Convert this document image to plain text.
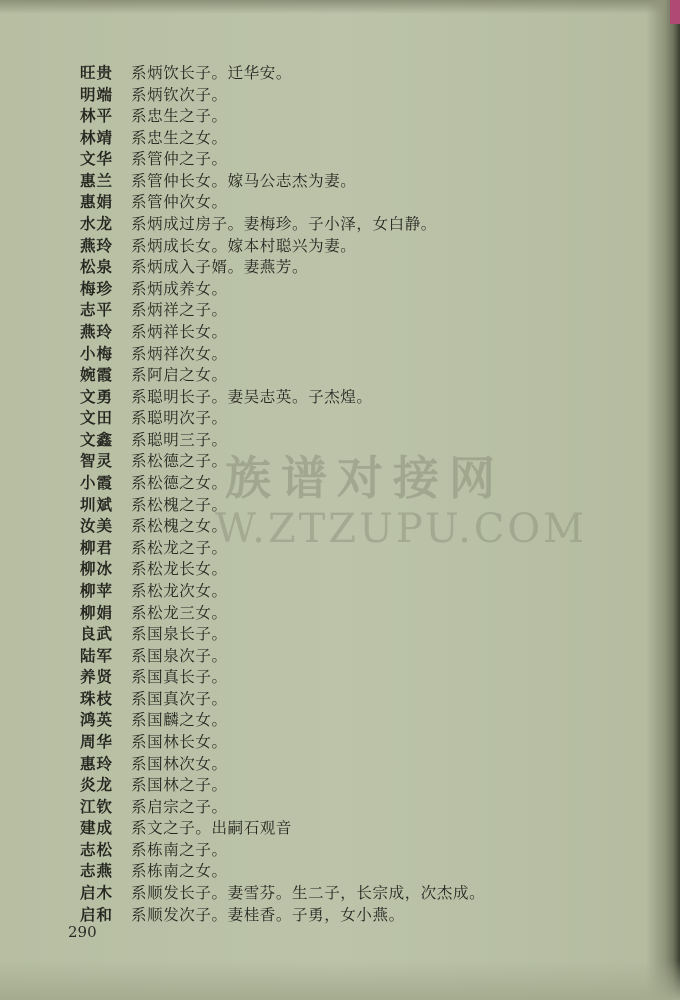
族谱对接网
W.ZTZUPU.COM
旺贵	系炳饮长子。迁华安。
明端	系炳钦次子。
林平	系忠生之子。
林靖	系忠生之女。
文华	系管仲之子。
惠兰	系管仲长女。嫁马公志杰为妻。
惠娟	系管仲次女。
水龙	系炳成过房子。妻梅珍。子小泽，女白静。
燕玲	系炳成长女。嫁本村聪兴为妻。
松泉	系炳成入子婿。妻燕芳。
梅珍	系炳成养女。
志平	系炳祥之子。
燕玲	系炳祥长女。
小梅	系炳祥次女。
婉霞	系阿启之女。
文勇	系聪明长子。妻吴志英。子杰煌。
文田	系聪明次子。
文鑫	系聪明三子。
智灵	系松德之子。
小霞	系松德之女。
圳斌	系松槐之子。
汝美	系松槐之女。
柳君	系松龙之子。
柳冰	系松龙长女。
柳苹	系松龙次女。
柳娟	系松龙三女。
良武	系国泉长子。
陆军	系国泉次子。
养贤	系国真长子。
珠枝	系国真次子。
鸿英	系国麟之女。
周华	系国林长女。
惠玲	系国林次女。
炎龙	系国林之子。
江钦	系启宗之子。
建成	系文之子。出嗣石观音
志松	系栋南之子。
志燕	系栋南之女。
启木	系顺发长子。妻雪芬。生二子，长宗成，次杰成。
启和	系顺发次子。妻桂香。子勇，女小燕。
290
